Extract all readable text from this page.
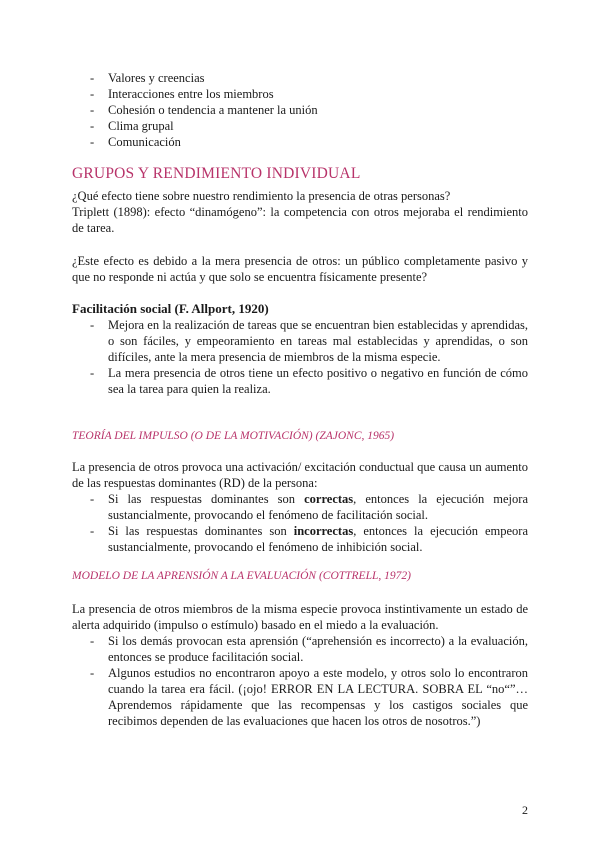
- Valores y creencias
- Interacciones entre los miembros
- Cohesión o tendencia a mantener la unión
- Clima grupal
- Comunicación
GRUPOS Y RENDIMIENTO INDIVIDUAL

¿Qué efecto tiene sobre nuestro rendimiento la presencia de otras personas?

Triplett (1898): efecto “dinamógeno”: la competencia con otros mejoraba el rendimiento de tarea.

¿Este efecto es debido a la mera presencia de otros: un público completamente pasivo y que no responde ni actúa y que solo se encuentra físicamente presente?

Facilitación social (F. Allport, 1920)
- Mejora en la realización de tareas que se encuentran bien establecidas y aprendidas, o son fáciles, y empeoramiento en tareas mal establecidas y aprendidas, o son difíciles, ante la mera presencia de miembros de la misma especie.
- La mera presencia de otros tiene un efecto positivo o negativo en función de cómo sea la tarea para quien la realiza.
TEORÍA DEL IMPULSO (O DE LA MOTIVACIÓN) (ZAJONC, 1965)

La presencia de otros provoca una activación/ excitación conductual que causa un aumento de las respuestas dominantes (RD) de la persona:

- Si las respuestas dominantes son correctas, entonces la ejecución mejora sustancialmente, provocando el fenómeno de facilitación social.
- Si las respuestas dominantes son incorrectas, entonces la ejecución empeora sustancialmente, provocando el fenómeno de inhibición social.
MODELO DE LA APRENSIÓN A LA EVALUACIÓN (COTTRELL, 1972)

La presencia de otros miembros de la misma especie provoca instintivamente un estado de alerta adquirido (impulso o estímulo) basado en el miedo a la evaluación.

- Si los demás provocan esta aprensión (“aprehensión es incorrecto) a la evaluación, entonces se produce facilitación social.
- Algunos estudios no encontraron apoyo a este modelo, y otros solo lo encontraron cuando la tarea era fácil. (¡ojo! ERROR EN LA LECTURA. SOBRA EL “no“”… Aprendemos rápidamente que las recompensas y los castigos sociales que recibimos dependen de las evaluaciones que hacen los otros de nosotros.”)
2
